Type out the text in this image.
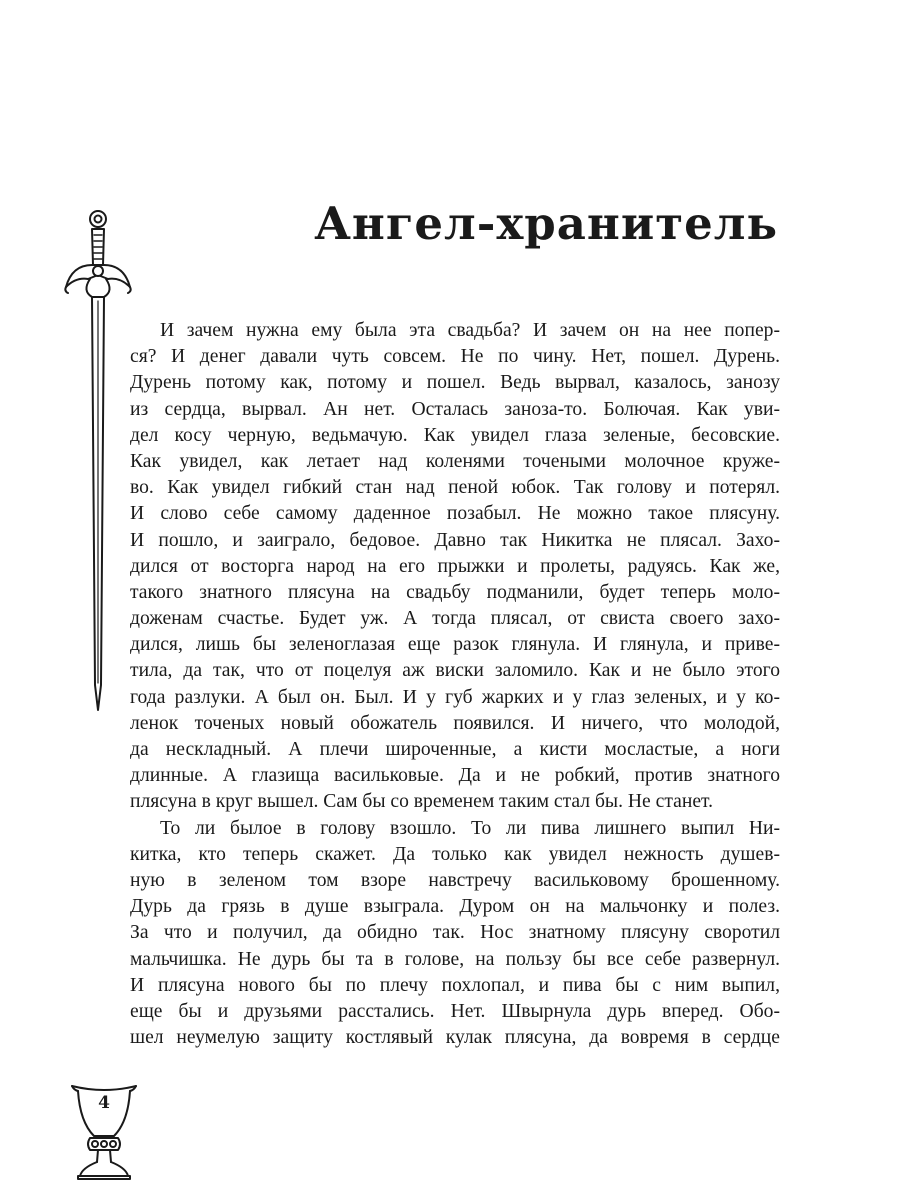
Ангел-хранитель
И зачем нужна ему была эта свадьба? И зачем он на нее попер-
ся? И денег давали чуть совсем. Не по чину. Нет, пошел. Дурень.
Дурень потому как, потому и пошел. Ведь вырвал, казалось, занозу
из сердца, вырвал. Ан нет. Осталась заноза-то. Болючая. Как уви-
дел косу черную, ведьмачую. Как увидел глаза зеленые, бесовские.
Как увидел, как летает над коленями точеными молочное круже-
во. Как увидел гибкий стан над пеной юбок. Так голову и потерял.
И слово себе самому даденное позабыл. Не можно такое плясуну.
И пошло, и заиграло, бедовое. Давно так Никитка не плясал. Захо-
дился от восторга народ на его прыжки и пролеты, радуясь. Как же,
такого знатного плясуна на свадьбу подманили, будет теперь моло-
доженам счастье. Будет уж. А тогда плясал, от свиста своего захо-
дился, лишь бы зеленоглазая еще разок глянула. И глянула, и приве-
тила, да так, что от поцелуя аж виски заломило. Как и не было этого
года разлуки. А был он. Был. И у губ жарких и у глаз зеленых, и у ко-
ленок точеных новый обожатель появился. И ничего, что молодой,
да нескладный. А плечи широченные, а кисти мосластые, а ноги
длинные. А глазища васильковые. Да и не робкий, против знатного
плясуна в круг вышел. Сам бы со временем таким стал бы. Не станет.
То ли былое в голову взошло. То ли пива лишнего выпил Ни-
китка, кто теперь скажет. Да только как увидел нежность душев-
ную в зеленом том взоре навстречу васильковому брошенному.
Дурь да грязь в душе взыграла. Дуром он на мальчонку и полез.
За что и получил, да обидно так. Нос знатному плясуну своротил
мальчишка. Не дурь бы та в голове, на пользу бы все себе развернул.
И плясуна нового бы по плечу похлопал, и пива бы с ним выпил,
еще бы и друзьями расстались. Нет. Швырнула дурь вперед. Обо-
шел неумелую защиту костлявый кулак плясуна, да вовремя в сердце
4
